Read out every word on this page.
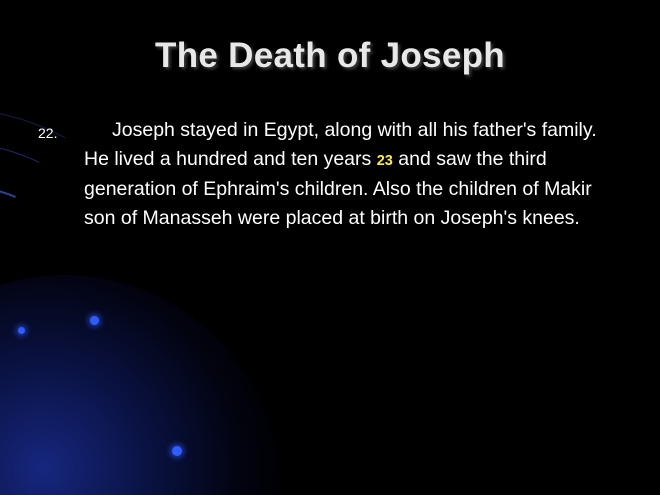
The Death of Joseph
22.	Joseph stayed in Egypt, along with all his father's family. He lived a hundred and ten years 23 and saw the third generation of Ephraim's children. Also the children of Makir son of Manasseh were placed at birth on Joseph's knees.
